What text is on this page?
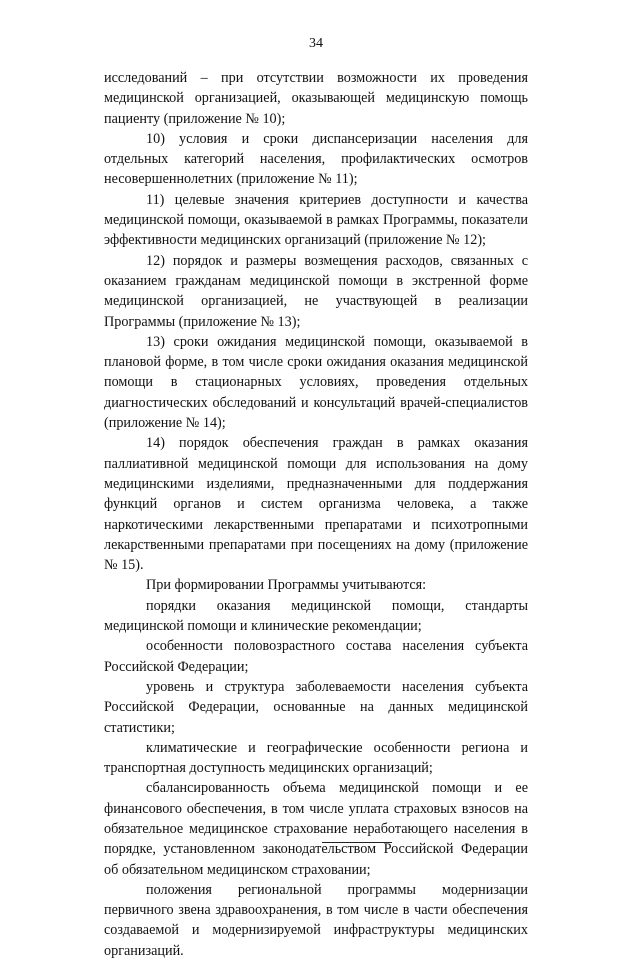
34

исследований – при отсутствии возможности их проведения медицинской организацией, оказывающей медицинскую помощь пациенту (приложение № 10);

10) условия и сроки диспансеризации населения для отдельных категорий населения, профилактических осмотров несовершеннолетних (приложение № 11);

11) целевые значения критериев доступности и качества медицинской помощи, оказываемой в рамках Программы, показатели эффективности медицинских организаций (приложение № 12);

12) порядок и размеры возмещения расходов, связанных с оказанием гражданам медицинской помощи в экстренной форме медицинской организацией, не участвующей в реализации Программы (приложение № 13);

13) сроки ожидания медицинской помощи, оказываемой в плановой форме, в том числе сроки ожидания оказания медицинской помощи в стационарных условиях, проведения отдельных диагностических обследований и консультаций врачей-специалистов (приложение № 14);

14) порядок обеспечения граждан в рамках оказания паллиативной медицинской помощи для использования на дому медицинскими изделиями, предназначенными для поддержания функций органов и систем организма человека, а также наркотическими лекарственными препаратами и психотропными лекарственными препаратами при посещениях на дому (приложение № 15).

При формировании Программы учитываются:

порядки оказания медицинской помощи, стандарты медицинской помощи и клинические рекомендации;

особенности половозрастного состава населения субъекта Российской Федерации;

уровень и структура заболеваемости населения субъекта Российской Федерации, основанные на данных медицинской статистики;

климатические и географические особенности региона и транспортная доступность медицинских организаций;

сбалансированность объема медицинской помощи и ее финансового обеспечения, в том числе уплата страховых взносов на обязательное медицинское страхование неработающего населения в порядке, установленном законодательством Российской Федерации об обязательном медицинском страховании;

положения региональной программы модернизации первичного звена здравоохранения, в том числе в части обеспечения создаваемой и модернизируемой инфраструктуры медицинских организаций.
